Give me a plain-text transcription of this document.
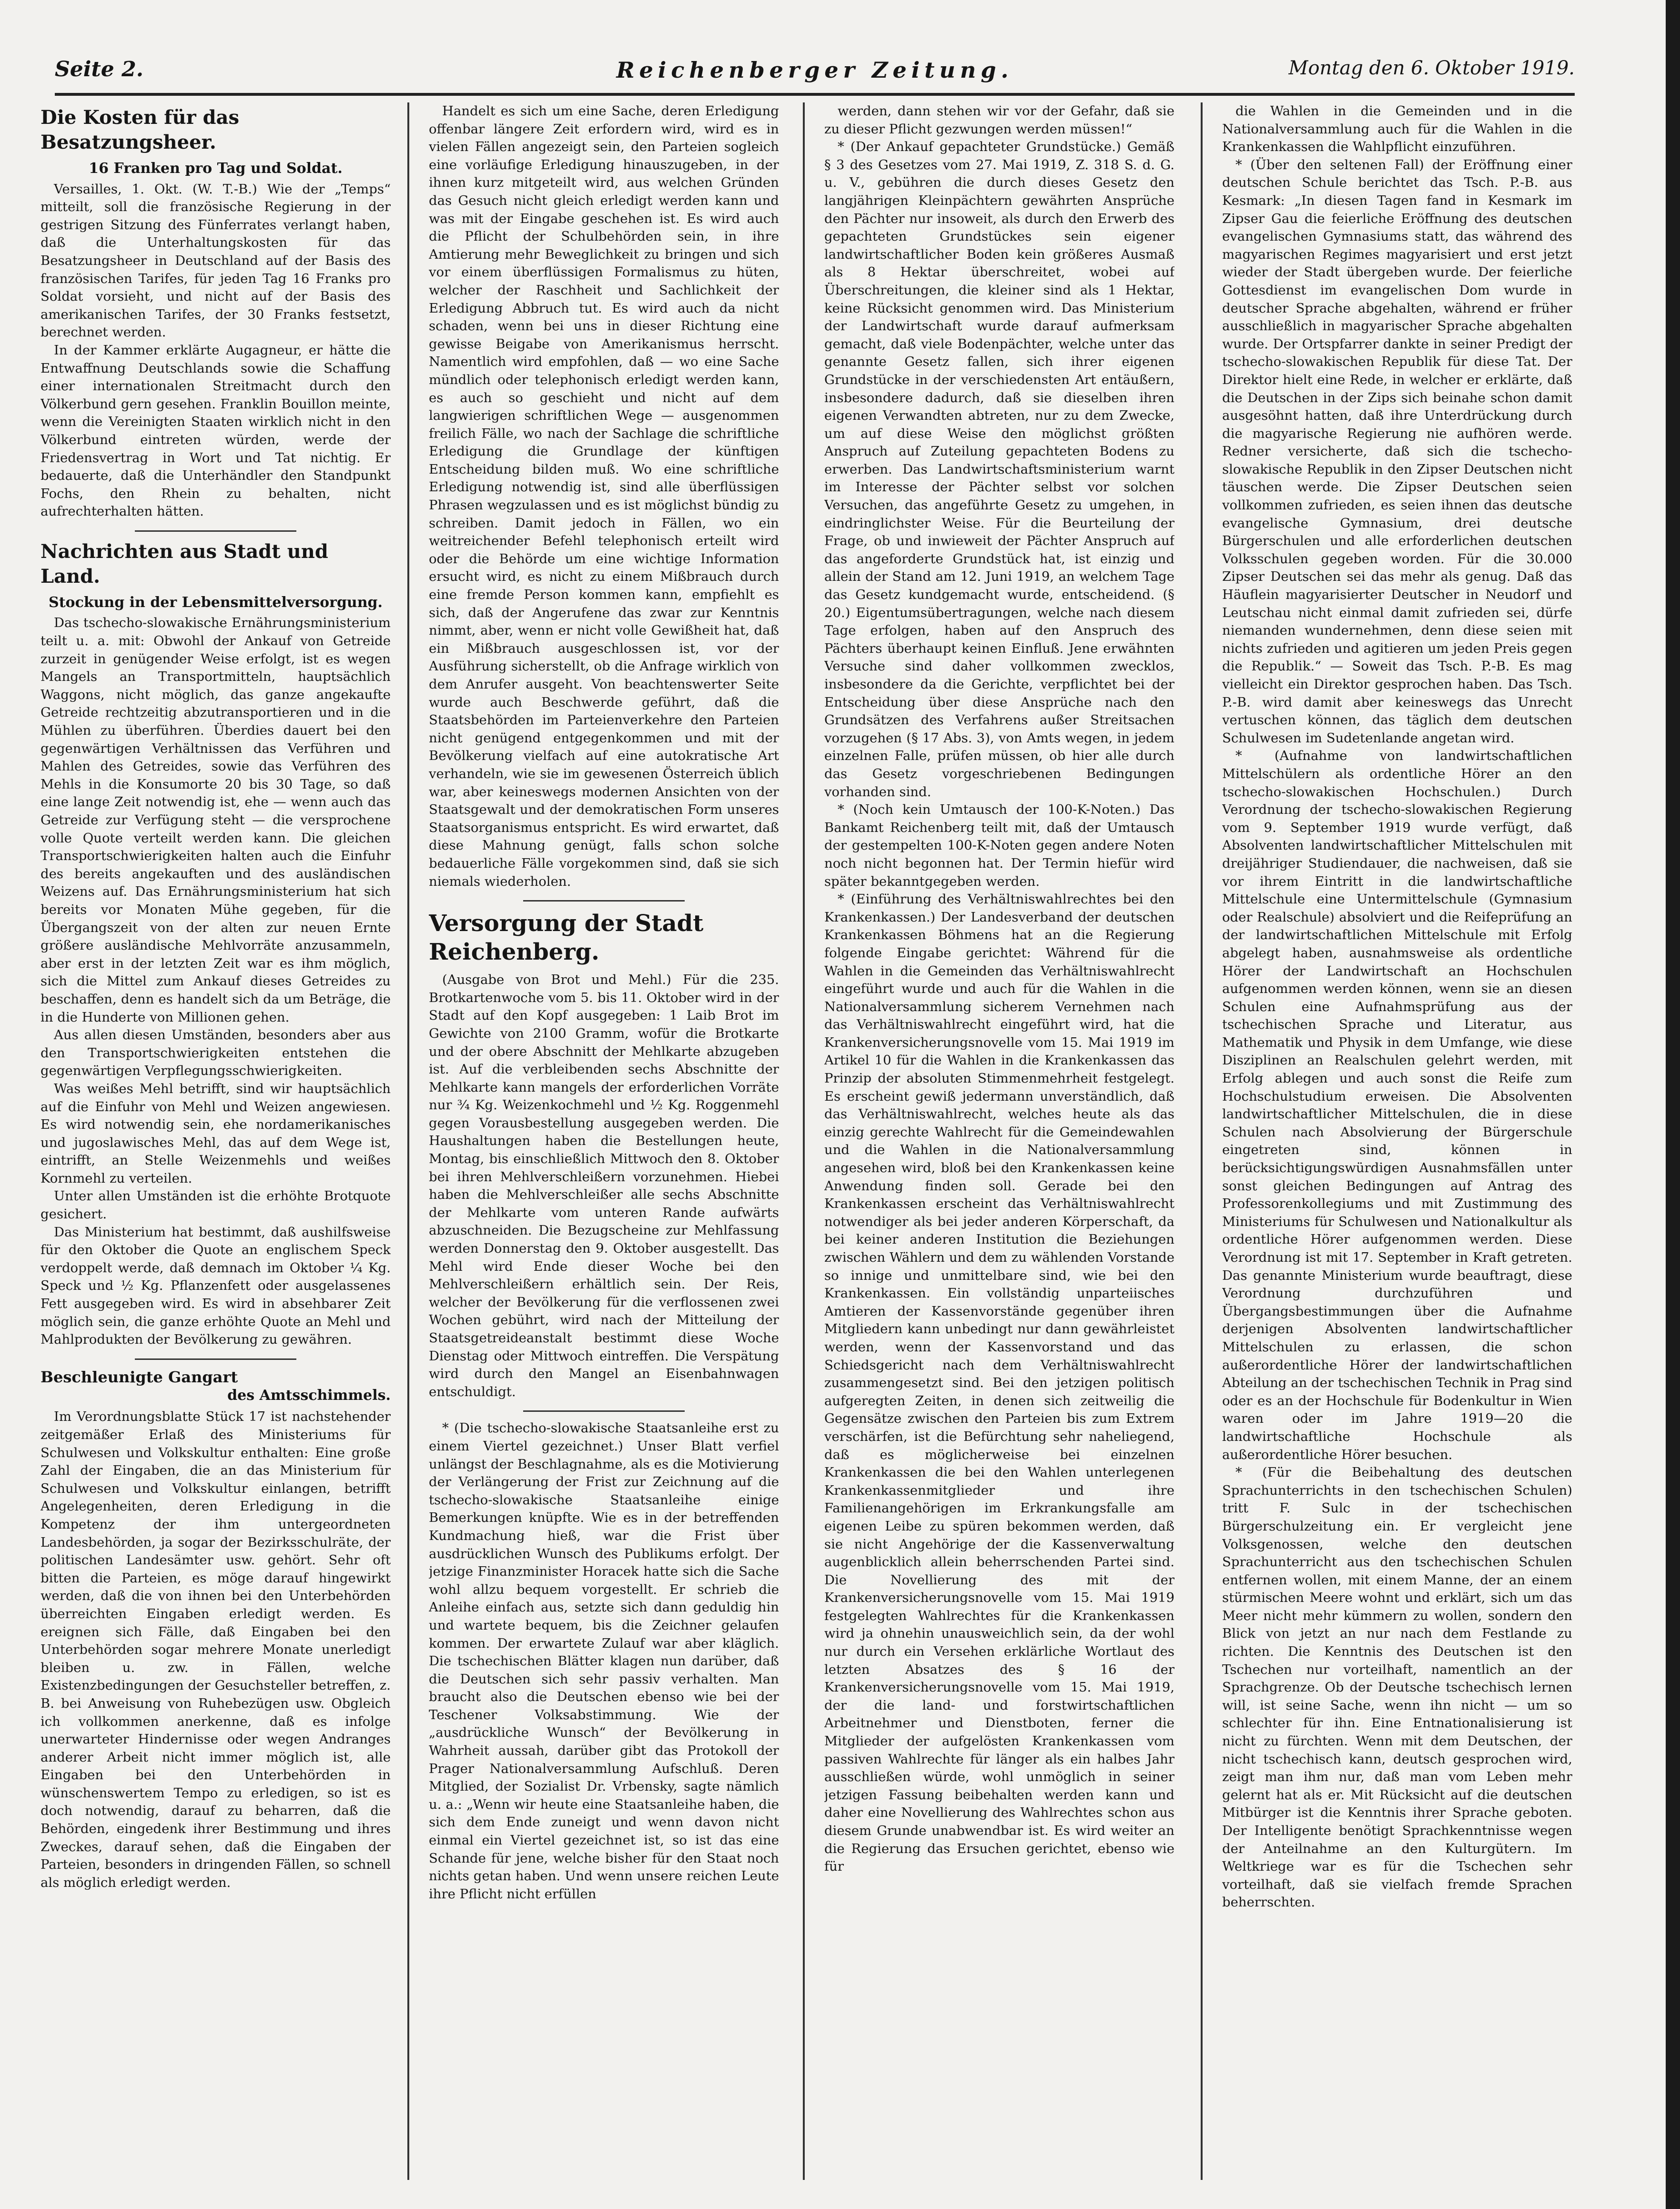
Seite 2.	Reichenberger Zeitung.	Montag den 6. Oktober 1919.
Die Kosten für das Besatzungsheer.
16 Franken pro Tag und Soldat.

Versailles, 1. Okt. (W. T.-B.) Wie der „Temps“ mitteilt, soll die französische Regierung in der gestrigen Sitzung des Fünferrates verlangt haben, daß die Unterhaltungskosten für das Besatzungsheer in Deutschland auf der Basis des französischen Tarifes, für jeden Tag 16 Franks pro Soldat vorsieht, und nicht auf der Basis des amerikanischen Tarifes, der 30 Franks festsetzt, berechnet werden.

In der Kammer erklärte Augagneur, er hätte die Entwaffnung Deutschlands sowie die Schaffung einer internationalen Streitmacht durch den Völkerbund gern gesehen. Franklin Bouillon meinte, wenn die Vereinigten Staaten wirklich nicht in den Völkerbund eintreten würden, werde der Friedensvertrag in Wort und Tat nichtig. Er bedauerte, daß die Unterhändler den Standpunkt Fochs, den Rhein zu behalten, nicht aufrechterhalten hätten.

Nachrichten aus Stadt und Land.
Stockung in der Lebensmittelversorgung.

Das tschecho-slowakische Ernährungsministerium teilt u. a. mit: Obwohl der Ankauf von Getreide zurzeit in genügender Weise erfolgt, ist es wegen Mangels an Transportmitteln, hauptsächlich Waggons, nicht möglich, das ganze angekaufte Getreide rechtzeitig abzutransportieren und in die Mühlen zu überführen. Überdies dauert bei den gegenwärtigen Verhältnissen das Verführen und Mahlen des Getreides, sowie das Verführen des Mehls in die Konsumorte 20 bis 30 Tage, so daß eine lange Zeit notwendig ist, ehe — wenn auch das Getreide zur Verfügung steht — die versprochene volle Quote verteilt werden kann. Die gleichen Transportschwierigkeiten halten auch die Einfuhr des bereits angekauften und des ausländischen Weizens auf. Das Ernährungsministerium hat sich bereits vor Monaten Mühe gegeben, für die Übergangszeit von der alten zur neuen Ernte größere ausländische Mehlvorräte anzusammeln, aber erst in der letzten Zeit war es ihm möglich, sich die Mittel zum Ankauf dieses Getreides zu beschaffen, denn es handelt sich da um Beträge, die in die Hunderte von Millionen gehen.

Aus allen diesen Umständen, besonders aber aus den Transportschwierigkeiten entstehen die gegenwärtigen Verpflegungsschwierigkeiten.

Was weißes Mehl betrifft, sind wir hauptsächlich auf die Einfuhr von Mehl und Weizen angewiesen. Es wird notwendig sein, ehe nordamerikanisches und jugoslawisches Mehl, das auf dem Wege ist, eintrifft, an Stelle Weizenmehls und weißes Kornmehl zu verteilen.

Unter allen Umständen ist die erhöhte Brotquote gesichert.

Das Ministerium hat bestimmt, daß aushilfsweise für den Oktober die Quote an englischem Speck verdoppelt werde, daß demnach im Oktober ¼ Kg. Speck und ½ Kg. Pflanzenfett oder ausgelassenes Fett ausgegeben wird. Es wird in absehbarer Zeit möglich sein, die ganze erhöhte Quote an Mehl und Mahlprodukten der Bevölkerung zu gewähren.

Beschleunigte Gangart
des Amtsschimmels.

Im Verordnungsblatte Stück 17 ist nachstehender zeitgemäßer Erlaß des Ministeriums für Schulwesen und Volkskultur enthalten: Eine große Zahl der Eingaben, die an das Ministerium für Schulwesen und Volkskultur einlangen, betrifft Angelegenheiten, deren Erledigung in die Kompetenz der ihm untergeordneten Landesbehörden, ja sogar der Bezirksschulräte, der politischen Landesämter usw. gehört. Sehr oft bitten die Parteien, es möge darauf hingewirkt werden, daß die von ihnen bei den Unterbehörden überreichten Eingaben erledigt werden. Es ereignen sich Fälle, daß Eingaben bei den Unterbehörden sogar mehrere Monate unerledigt bleiben u. zw. in Fällen, welche Existenzbedingungen der Gesuchsteller betreffen, z. B. bei Anweisung von Ruhebezügen usw. Obgleich ich vollkommen anerkenne, daß es infolge unerwarteter Hindernisse oder wegen Andranges anderer Arbeit nicht immer möglich ist, alle Eingaben bei den Unterbehörden in wünschenswertem Tempo zu erledigen, so ist es doch notwendig, darauf zu beharren, daß die Behörden, eingedenk ihrer Bestimmung und ihres Zweckes, darauf sehen, daß die Eingaben der Parteien, besonders in dringenden Fällen, so schnell als möglich erledigt werden.

Handelt es sich um eine Sache, deren Erledigung offenbar längere Zeit erfordern wird, wird es in vielen Fällen angezeigt sein, den Parteien sogleich eine vorläufige Erledigung hinauszugeben, in der ihnen kurz mitgeteilt wird, aus welchen Gründen das Gesuch nicht gleich erledigt werden kann und was mit der Eingabe geschehen ist. Es wird auch die Pflicht der Schulbehörden sein, in ihre Amtierung mehr Beweglichkeit zu bringen und sich vor einem überflüssigen Formalismus zu hüten, welcher der Raschheit und Sachlichkeit der Erledigung Abbruch tut. Es wird auch da nicht schaden, wenn bei uns in dieser Richtung eine gewisse Beigabe von Amerikanismus herrscht. Namentlich wird empfohlen, daß — wo eine Sache mündlich oder telephonisch erledigt werden kann, es auch so geschieht und nicht auf dem langwierigen schriftlichen Wege — ausgenommen freilich Fälle, wo nach der Sachlage die schriftliche Erledigung die Grundlage der künftigen Entscheidung bilden muß. Wo eine schriftliche Erledigung notwendig ist, sind alle überflüssigen Phrasen wegzulassen und es ist möglichst bündig zu schreiben. Damit jedoch in Fällen, wo ein weitreichender Befehl telephonisch erteilt wird oder die Behörde um eine wichtige Information ersucht wird, es nicht zu einem Mißbrauch durch eine fremde Person kommen kann, empfiehlt es sich, daß der Angerufene das zwar zur Kenntnis nimmt, aber, wenn er nicht volle Gewißheit hat, daß ein Mißbrauch ausgeschlossen ist, vor der Ausführung sicherstellt, ob die Anfrage wirklich von dem Anrufer ausgeht. Von beachtenswerter Seite wurde auch Beschwerde geführt, daß die Staatsbehörden im Parteienverkehre den Parteien nicht genügend entgegenkommen und mit der Bevölkerung vielfach auf eine autokratische Art verhandeln, wie sie im gewesenen Österreich üblich war, aber keineswegs modernen Ansichten von der Staatsgewalt und der demokratischen Form unseres Staatsorganismus entspricht. Es wird erwartet, daß diese Mahnung genügt, falls schon solche bedauerliche Fälle vorgekommen sind, daß sie sich niemals wiederholen.

Versorgung der Stadt Reichenberg.

(Ausgabe von Brot und Mehl.) Für die 235. Brotkartenwoche vom 5. bis 11. Oktober wird in der Stadt auf den Kopf ausgegeben: 1 Laib Brot im Gewichte von 2100 Gramm, wofür die Brotkarte und der obere Abschnitt der Mehlkarte abzugeben ist. Auf die verbleibenden sechs Abschnitte der Mehlkarte kann mangels der erforderlichen Vorräte nur ¾ Kg. Weizenkochmehl und ½ Kg. Roggenmehl gegen Vorausbestellung ausgegeben werden. Die Haushaltungen haben die Bestellungen heute, Montag, bis einschließlich Mittwoch den 8. Oktober bei ihren Mehlverschleißern vorzunehmen. Hiebei haben die Mehlverschleißer alle sechs Abschnitte der Mehlkarte vom unteren Rande aufwärts abzuschneiden. Die Bezugscheine zur Mehlfassung werden Donnerstag den 9. Oktober ausgestellt. Das Mehl wird Ende dieser Woche bei den Mehlverschleißern erhältlich sein. Der Reis, welcher der Bevölkerung für die verflossenen zwei Wochen gebührt, wird nach der Mitteilung der Staatsgetreideanstalt bestimmt diese Woche Dienstag oder Mittwoch eintreffen. Die Verspätung wird durch den Mangel an Eisenbahnwagen entschuldigt.

* (Die tschecho-slowakische Staatsanleihe erst zu einem Viertel gezeichnet.) Unser Blatt verfiel unlängst der Beschlagnahme, als es die Motivierung der Verlängerung der Frist zur Zeichnung auf die tschecho-slowakische Staatsanleihe einige Bemerkungen knüpfte. Wie es in der betreffenden Kundmachung hieß, war die Frist über ausdrücklichen Wunsch des Publikums erfolgt. Der jetzige Finanzminister Horacek hatte sich die Sache wohl allzu bequem vorgestellt. Er schrieb die Anleihe einfach aus, setzte sich dann geduldig hin und wartete bequem, bis die Zeichner gelaufen kommen. Der erwartete Zulauf war aber kläglich. Die tschechischen Blätter klagen nun darüber, daß die Deutschen sich sehr passiv verhalten. Man braucht also die Deutschen ebenso wie bei der Teschener Volksabstimmung. Wie der „ausdrückliche Wunsch“ der Bevölkerung in Wahrheit aussah, darüber gibt das Protokoll der Prager Nationalversammlung Aufschluß. Deren Mitglied, der Sozialist Dr. Vrbensky, sagte nämlich u. a.: „Wenn wir heute eine Staatsanleihe haben, die sich dem Ende zuneigt und wenn davon nicht einmal ein Viertel gezeichnet ist, so ist das eine Schande für jene, welche bisher für den Staat noch nichts getan haben. Und wenn unsere reichen Leute ihre Pflicht nicht erfüllen

werden, dann stehen wir vor der Gefahr, daß sie zu dieser Pflicht gezwungen werden müssen!“

* (Der Ankauf gepachteter Grundstücke.) Gemäß § 3 des Gesetzes vom 27. Mai 1919, Z. 318 S. d. G. u. V., gebühren die durch dieses Gesetz den langjährigen Kleinpächtern gewährten Ansprüche den Pächter nur insoweit, als durch den Erwerb des gepachteten Grundstückes sein eigener landwirtschaftlicher Boden kein größeres Ausmaß als 8 Hektar überschreitet, wobei auf Überschreitungen, die kleiner sind als 1 Hektar, keine Rücksicht genommen wird. Das Ministerium der Landwirtschaft wurde darauf aufmerksam gemacht, daß viele Bodenpächter, welche unter das genannte Gesetz fallen, sich ihrer eigenen Grundstücke in der verschiedensten Art entäußern, insbesondere dadurch, daß sie dieselben ihren eigenen Verwandten abtreten, nur zu dem Zwecke, um auf diese Weise den möglichst größten Anspruch auf Zuteilung gepachteten Bodens zu erwerben. Das Landwirtschaftsministerium warnt im Interesse der Pächter selbst vor solchen Versuchen, das angeführte Gesetz zu umgehen, in eindringlichster Weise. Für die Beurteilung der Frage, ob und inwieweit der Pächter Anspruch auf das angeforderte Grundstück hat, ist einzig und allein der Stand am 12. Juni 1919, an welchem Tage das Gesetz kundgemacht wurde, entscheidend. (§ 20.) Eigentumsübertragungen, welche nach diesem Tage erfolgen, haben auf den Anspruch des Pächters überhaupt keinen Einfluß. Jene erwähnten Versuche sind daher vollkommen zwecklos, insbesondere da die Gerichte, verpflichtet bei der Entscheidung über diese Ansprüche nach den Grundsätzen des Verfahrens außer Streitsachen vorzugehen (§ 17 Abs. 3), von Amts wegen, in jedem einzelnen Falle, prüfen müssen, ob hier alle durch das Gesetz vorgeschriebenen Bedingungen vorhanden sind.

* (Noch kein Umtausch der 100-K-Noten.) Das Bankamt Reichenberg teilt mit, daß der Umtausch der gestempelten 100-K-Noten gegen andere Noten noch nicht begonnen hat. Der Termin hiefür wird später bekanntgegeben werden.

* (Einführung des Verhältniswahlrechtes bei den Krankenkassen.) Der Landesverband der deutschen Krankenkassen Böhmens hat an die Regierung folgende Eingabe gerichtet: Während für die Wahlen in die Gemeinden das Verhältniswahlrecht eingeführt wurde und auch für die Wahlen in die Nationalversammlung sicherem Vernehmen nach das Verhältniswahlrecht eingeführt wird, hat die Krankenversicherungsnovelle vom 15. Mai 1919 im Artikel 10 für die Wahlen in die Krankenkassen das Prinzip der absoluten Stimmenmehrheit festgelegt. Es erscheint gewiß jedermann unverständlich, daß das Verhältniswahlrecht, welches heute als das einzig gerechte Wahlrecht für die Gemeindewahlen und die Wahlen in die Nationalversammlung angesehen wird, bloß bei den Krankenkassen keine Anwendung finden soll. Gerade bei den Krankenkassen erscheint das Verhältniswahlrecht notwendiger als bei jeder anderen Körperschaft, da bei keiner anderen Institution die Beziehungen zwischen Wählern und dem zu wählenden Vorstande so innige und unmittelbare sind, wie bei den Krankenkassen. Ein vollständig unparteiisches Amtieren der Kassenvorstände gegenüber ihren Mitgliedern kann unbedingt nur dann gewährleistet werden, wenn der Kassenvorstand und das Schiedsgericht nach dem Verhältniswahlrecht zusammengesetzt sind. Bei den jetzigen politisch aufgeregten Zeiten, in denen sich zeitweilig die Gegensätze zwischen den Parteien bis zum Extrem verschärfen, ist die Befürchtung sehr naheliegend, daß es möglicherweise bei einzelnen Krankenkassen die bei den Wahlen unterlegenen Krankenkassenmitglieder und ihre Familienangehörigen im Erkrankungsfalle am eigenen Leibe zu spüren bekommen werden, daß sie nicht Angehörige der die Kassenverwaltung augenblicklich allein beherrschenden Partei sind. Die Novellierung des mit der Krankenversicherungsnovelle vom 15. Mai 1919 festgelegten Wahlrechtes für die Krankenkassen wird ja ohnehin unausweichlich sein, da der wohl nur durch ein Versehen erklärliche Wortlaut des letzten Absatzes des § 16 der Krankenversicherungsnovelle vom 15. Mai 1919, der die land- und forstwirtschaftlichen Arbeitnehmer und Dienstboten, ferner die Mitglieder der aufgelösten Krankenkassen vom passiven Wahlrechte für länger als ein halbes Jahr ausschließen würde, wohl unmöglich in seiner jetzigen Fassung beibehalten werden kann und daher eine Novellierung des Wahlrechtes schon aus diesem Grunde unabwendbar ist. Es wird weiter an die Regierung das Ersuchen gerichtet, ebenso wie für

die Wahlen in die Gemeinden und in die Nationalversammlung auch für die Wahlen in die Krankenkassen die Wahlpflicht einzuführen.

* (Über den seltenen Fall) der Eröffnung einer deutschen Schule berichtet das Tsch. P.-B. aus Kesmark: „In diesen Tagen fand in Kesmark im Zipser Gau die feierliche Eröffnung des deutschen evangelischen Gymnasiums statt, das während des magyarischen Regimes magyarisiert und erst jetzt wieder der Stadt übergeben wurde. Der feierliche Gottesdienst im evangelischen Dom wurde in deutscher Sprache abgehalten, während er früher ausschließlich in magyarischer Sprache abgehalten wurde. Der Ortspfarrer dankte in seiner Predigt der tschecho-slowakischen Republik für diese Tat. Der Direktor hielt eine Rede, in welcher er erklärte, daß die Deutschen in der Zips sich beinahe schon damit ausgesöhnt hatten, daß ihre Unterdrückung durch die magyarische Regierung nie aufhören werde. Redner versicherte, daß sich die tschecho-slowakische Republik in den Zipser Deutschen nicht täuschen werde. Die Zipser Deutschen seien vollkommen zufrieden, es seien ihnen das deutsche evangelische Gymnasium, drei deutsche Bürgerschulen und alle erforderlichen deutschen Volksschulen gegeben worden. Für die 30.000 Zipser Deutschen sei das mehr als genug. Daß das Häuflein magyarisierter Deutscher in Neudorf und Leutschau nicht einmal damit zufrieden sei, dürfe niemanden wundernehmen, denn diese seien mit nichts zufrieden und agitieren um jeden Preis gegen die Republik.“ — Soweit das Tsch. P.-B. Es mag vielleicht ein Direktor gesprochen haben. Das Tsch. P.-B. wird damit aber keineswegs das Unrecht vertuschen können, das täglich dem deutschen Schulwesen im Sudetenlande angetan wird.

* (Aufnahme von landwirtschaftlichen Mittelschülern als ordentliche Hörer an den tschecho-slowakischen Hochschulen.) Durch Verordnung der tschecho-slowakischen Regierung vom 9. September 1919 wurde verfügt, daß Absolventen landwirtschaftlicher Mittelschulen mit dreijähriger Studiendauer, die nachweisen, daß sie vor ihrem Eintritt in die landwirtschaftliche Mittelschule eine Untermittelschule (Gymnasium oder Realschule) absolviert und die Reifeprüfung an der landwirtschaftlichen Mittelschule mit Erfolg abgelegt haben, ausnahmsweise als ordentliche Hörer der Landwirtschaft an Hochschulen aufgenommen werden können, wenn sie an diesen Schulen eine Aufnahmsprüfung aus der tschechischen Sprache und Literatur, aus Mathematik und Physik in dem Umfange, wie diese Disziplinen an Realschulen gelehrt werden, mit Erfolg ablegen und auch sonst die Reife zum Hochschulstudium erweisen. Die Absolventen landwirtschaftlicher Mittelschulen, die in diese Schulen nach Absolvierung der Bürgerschule eingetreten sind, können in berücksichtigungswürdigen Ausnahmsfällen unter sonst gleichen Bedingungen auf Antrag des Professorenkollegiums und mit Zustimmung des Ministeriums für Schulwesen und Nationalkultur als ordentliche Hörer aufgenommen werden. Diese Verordnung ist mit 17. September in Kraft getreten. Das genannte Ministerium wurde beauftragt, diese Verordnung durchzuführen und Übergangsbestimmungen über die Aufnahme derjenigen Absolventen landwirtschaftlicher Mittelschulen zu erlassen, die schon außerordentliche Hörer der landwirtschaftlichen Abteilung an der tschechischen Technik in Prag sind oder es an der Hochschule für Bodenkultur in Wien waren oder im Jahre 1919—20 die landwirtschaftliche Hochschule als außerordentliche Hörer besuchen.

* (Für die Beibehaltung des deutschen Sprachunterrichts in den tschechischen Schulen) tritt F. Sulc in der tschechischen Bürgerschulzeitung ein. Er vergleicht jene Volksgenossen, welche den deutschen Sprachunterricht aus den tschechischen Schulen entfernen wollen, mit einem Manne, der an einem stürmischen Meere wohnt und erklärt, sich um das Meer nicht mehr kümmern zu wollen, sondern den Blick von jetzt an nur nach dem Festlande zu richten. Die Kenntnis des Deutschen ist den Tschechen nur vorteilhaft, namentlich an der Sprachgrenze. Ob der Deutsche tschechisch lernen will, ist seine Sache, wenn ihn nicht — um so schlechter für ihn. Eine Entnationalisierung ist nicht zu fürchten. Wenn mit dem Deutschen, der nicht tschechisch kann, deutsch gesprochen wird, zeigt man ihm nur, daß man vom Leben mehr gelernt hat als er. Mit Rücksicht auf die deutschen Mitbürger ist die Kenntnis ihrer Sprache geboten. Der Intelligente benötigt Sprachkenntnisse wegen der Anteilnahme an den Kulturgütern. Im Weltkriege war es für die Tschechen sehr vorteilhaft, daß sie vielfach fremde Sprachen beherrschten.
